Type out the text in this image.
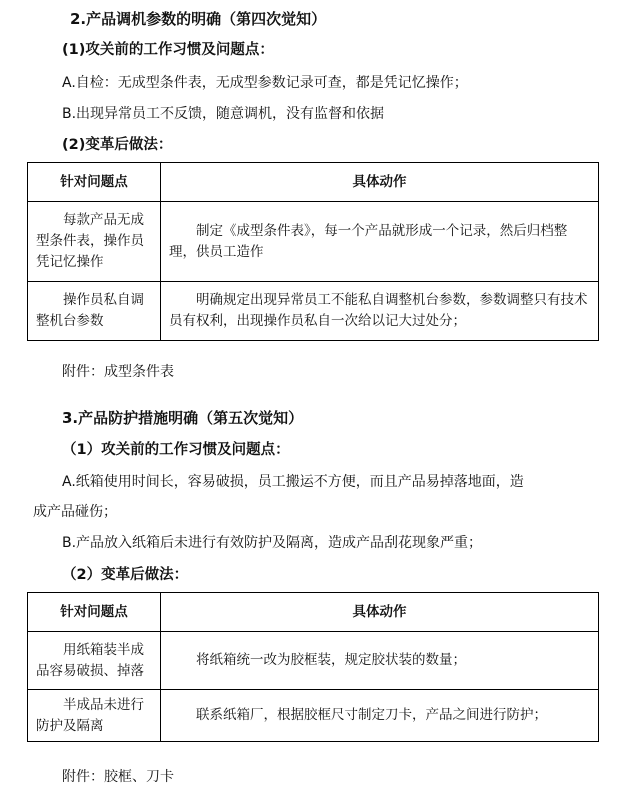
2.产品调机参数的明确（第四次觉知）
(1)攻关前的工作习惯及问题点：
A.自检：无成型条件表，无成型参数记录可查，都是凭记忆操作；
B.出现异常员工不反馈，随意调机，没有监督和依据
(2)变革后做法：
针对问题点	具体动作
每款产品无成型条件表，操作员凭记忆操作	制定《成型条件表》，每一个产品就形成一个记录，然后归档整理，供员工造作
操作员私自调整机台参数	明确规定出现异常员工不能私自调整机台参数，参数调整只有技术员有权利，出现操作员私自一次给以记大过处分；
附件：成型条件表
3.产品防护措施明确（第五次觉知）
（1）攻关前的工作习惯及问题点：
A.纸箱使用时间长，容易破损，员工搬运不方便，而且产品易掉落地面，造
成产品碰伤；
B.产品放入纸箱后未进行有效防护及隔离，造成产品刮花现象严重；
（2）变革后做法：
针对问题点	具体动作
用纸箱装半成品容易破损、掉落	将纸箱统一改为胶框装，规定胶状装的数量；
半成品未进行防护及隔离	联系纸箱厂，根据胶框尺寸制定刀卡，产品之间进行防护；
附件：胶框、刀卡
